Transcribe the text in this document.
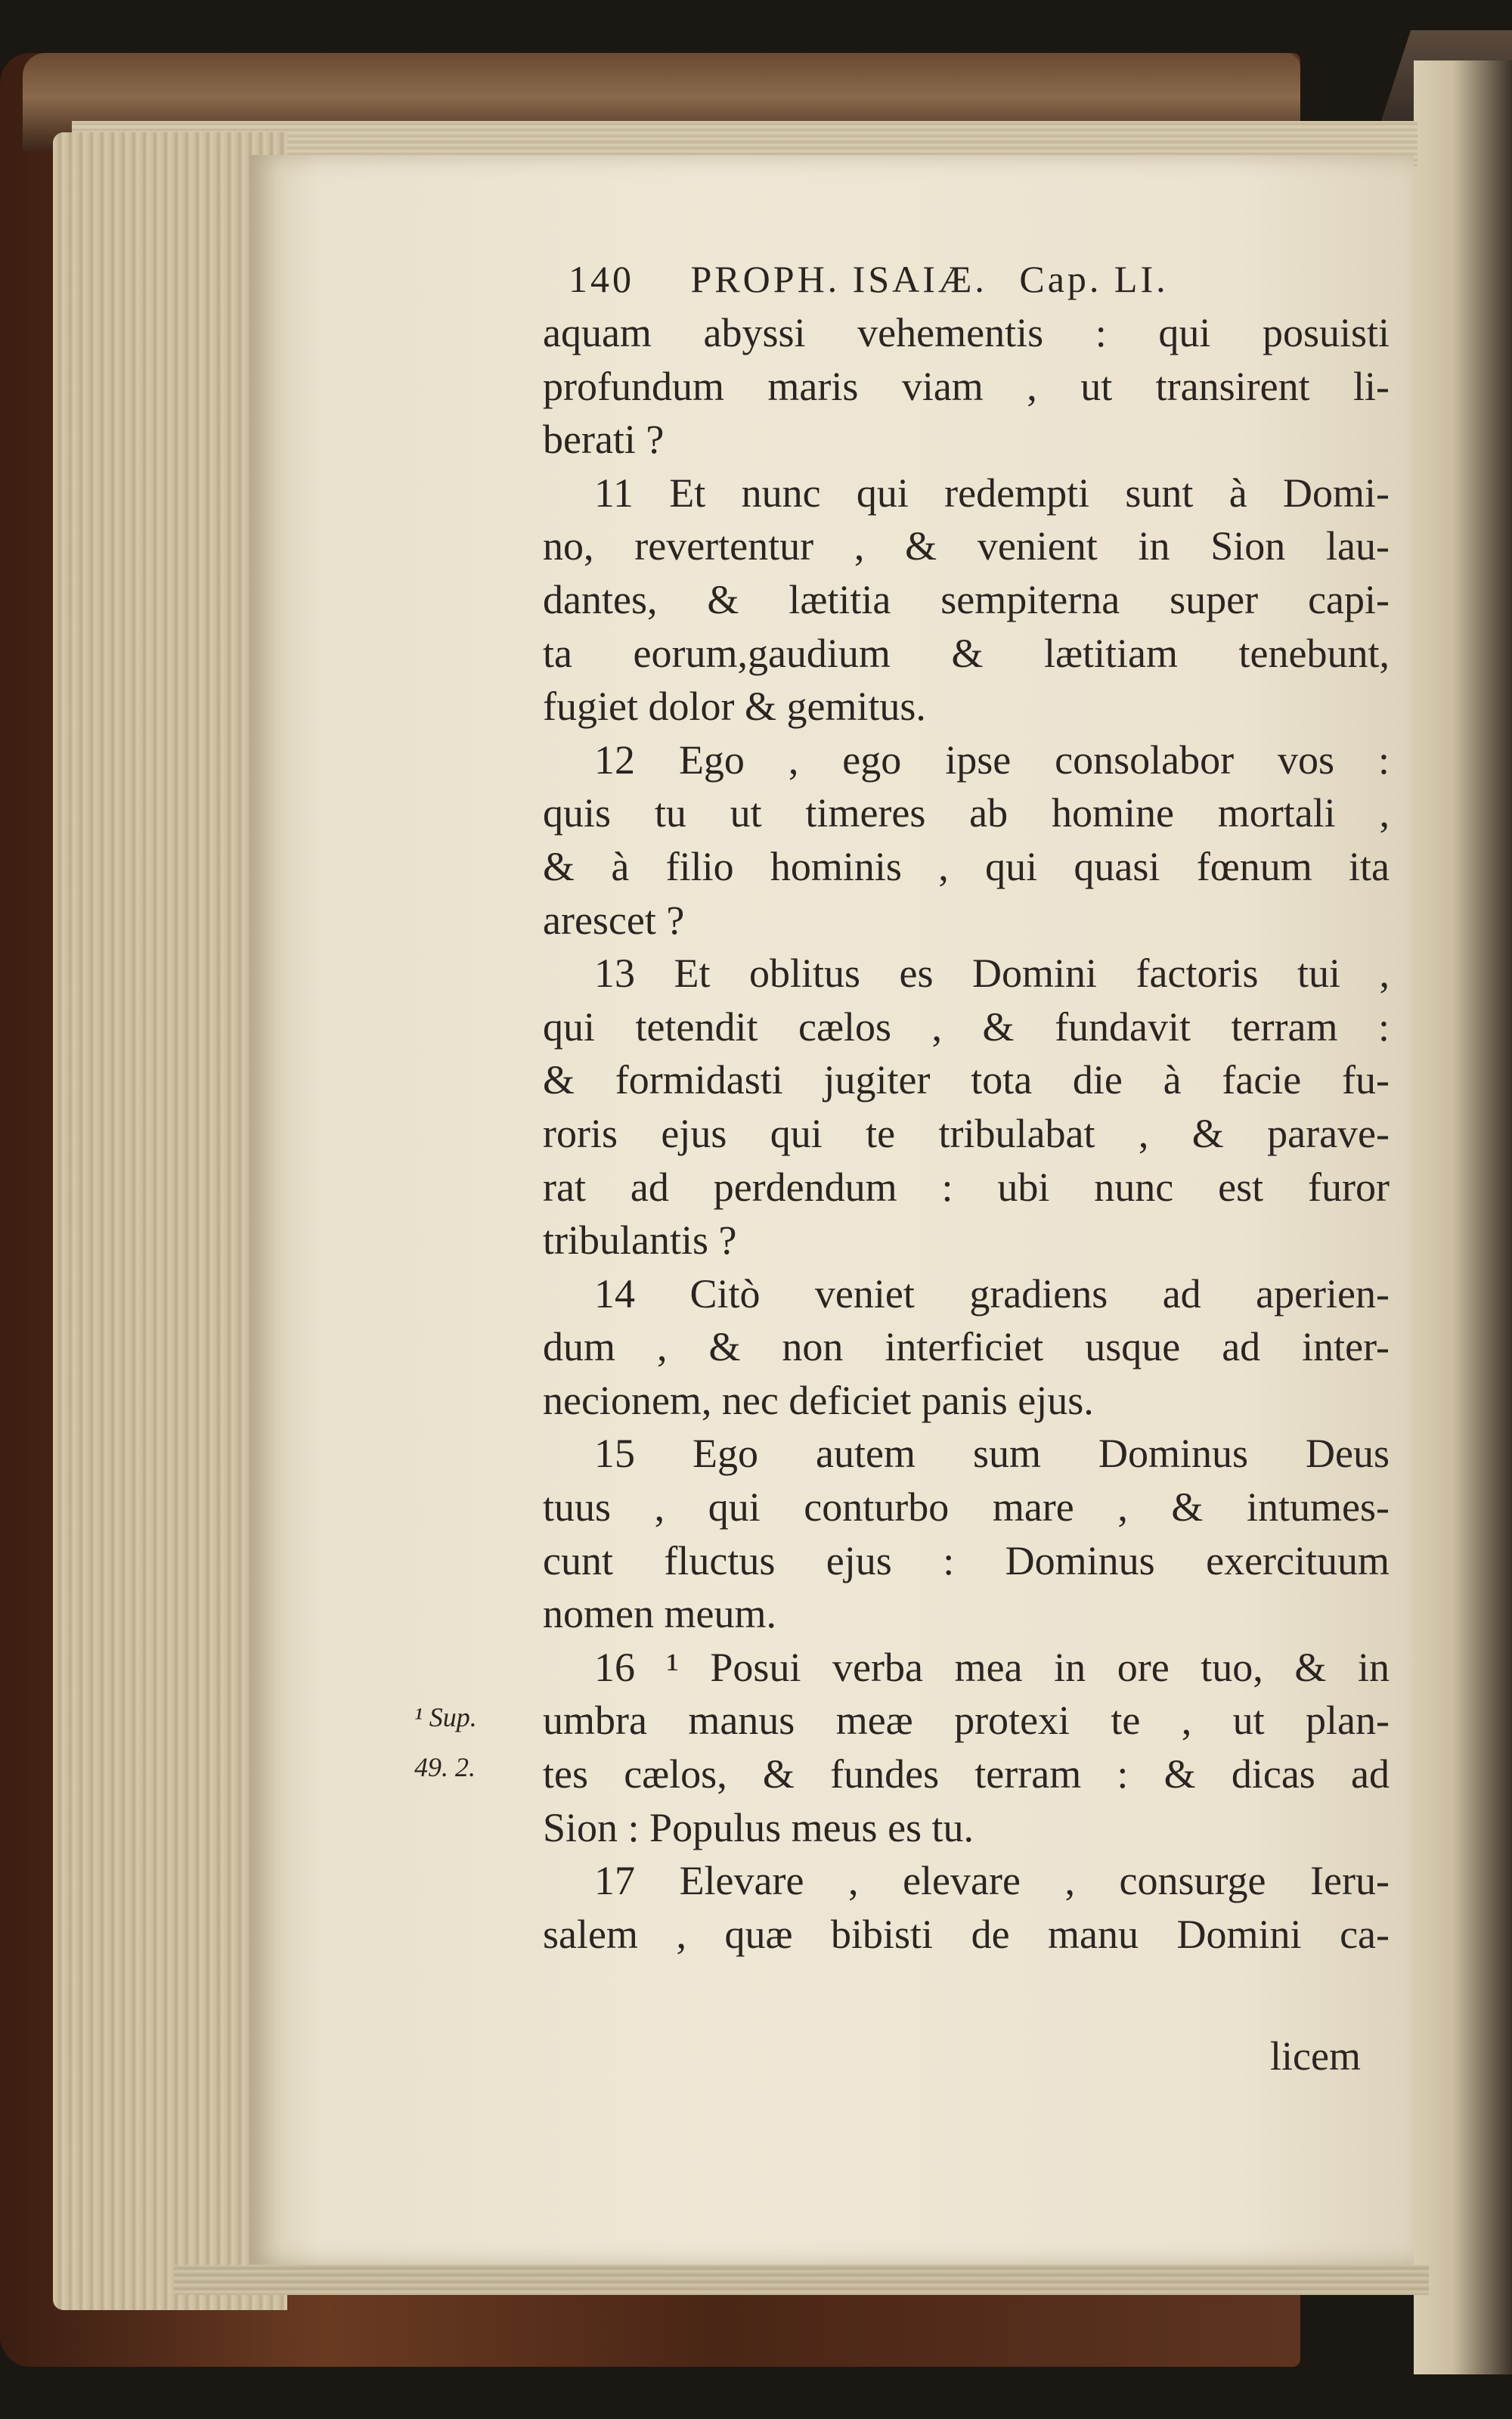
140 PROPH. ISAIÆ. Cap. LI.
aquam abyssi vehementis : qui posuisti
profundum maris viam , ut transirent li-
berati ?
11 Et nunc qui redempti sunt à Domi-
no, revertentur , & venient in Sion lau-
dantes, & lætitia sempiterna super capi-
ta eorum,gaudium & lætitiam tenebunt,
fugiet dolor & gemitus.
12 Ego , ego ipse consolabor vos :
quis tu ut timeres ab homine mortali ,
& à filio hominis , qui quasi fœnum ita
arescet ?
13 Et oblitus es Domini factoris tui ,
qui tetendit cælos , & fundavit terram :
& formidasti jugiter tota die à facie fu-
roris ejus qui te tribulabat , & parave-
rat ad perdendum : ubi nunc est furor
tribulantis ?
14 Citò veniet gradiens ad aperien-
dum , & non interficiet usque ad inter-
necionem, nec deficiet panis ejus.
15 Ego autem sum Dominus Deus
tuus , qui conturbo mare , & intumes-
cunt fluctus ejus : Dominus exercituum
nomen meum.
16 ¹ Posui verba mea in ore tuo, & in
umbra manus meæ protexi te , ut plan-
tes cælos, & fundes terram : & dicas ad
Sion : Populus meus es tu.
17 Elevare , elevare , consurge Ieru-
salem , quæ bibisti de manu Domini ca-
¹ Sup.
49. 2.
licem
